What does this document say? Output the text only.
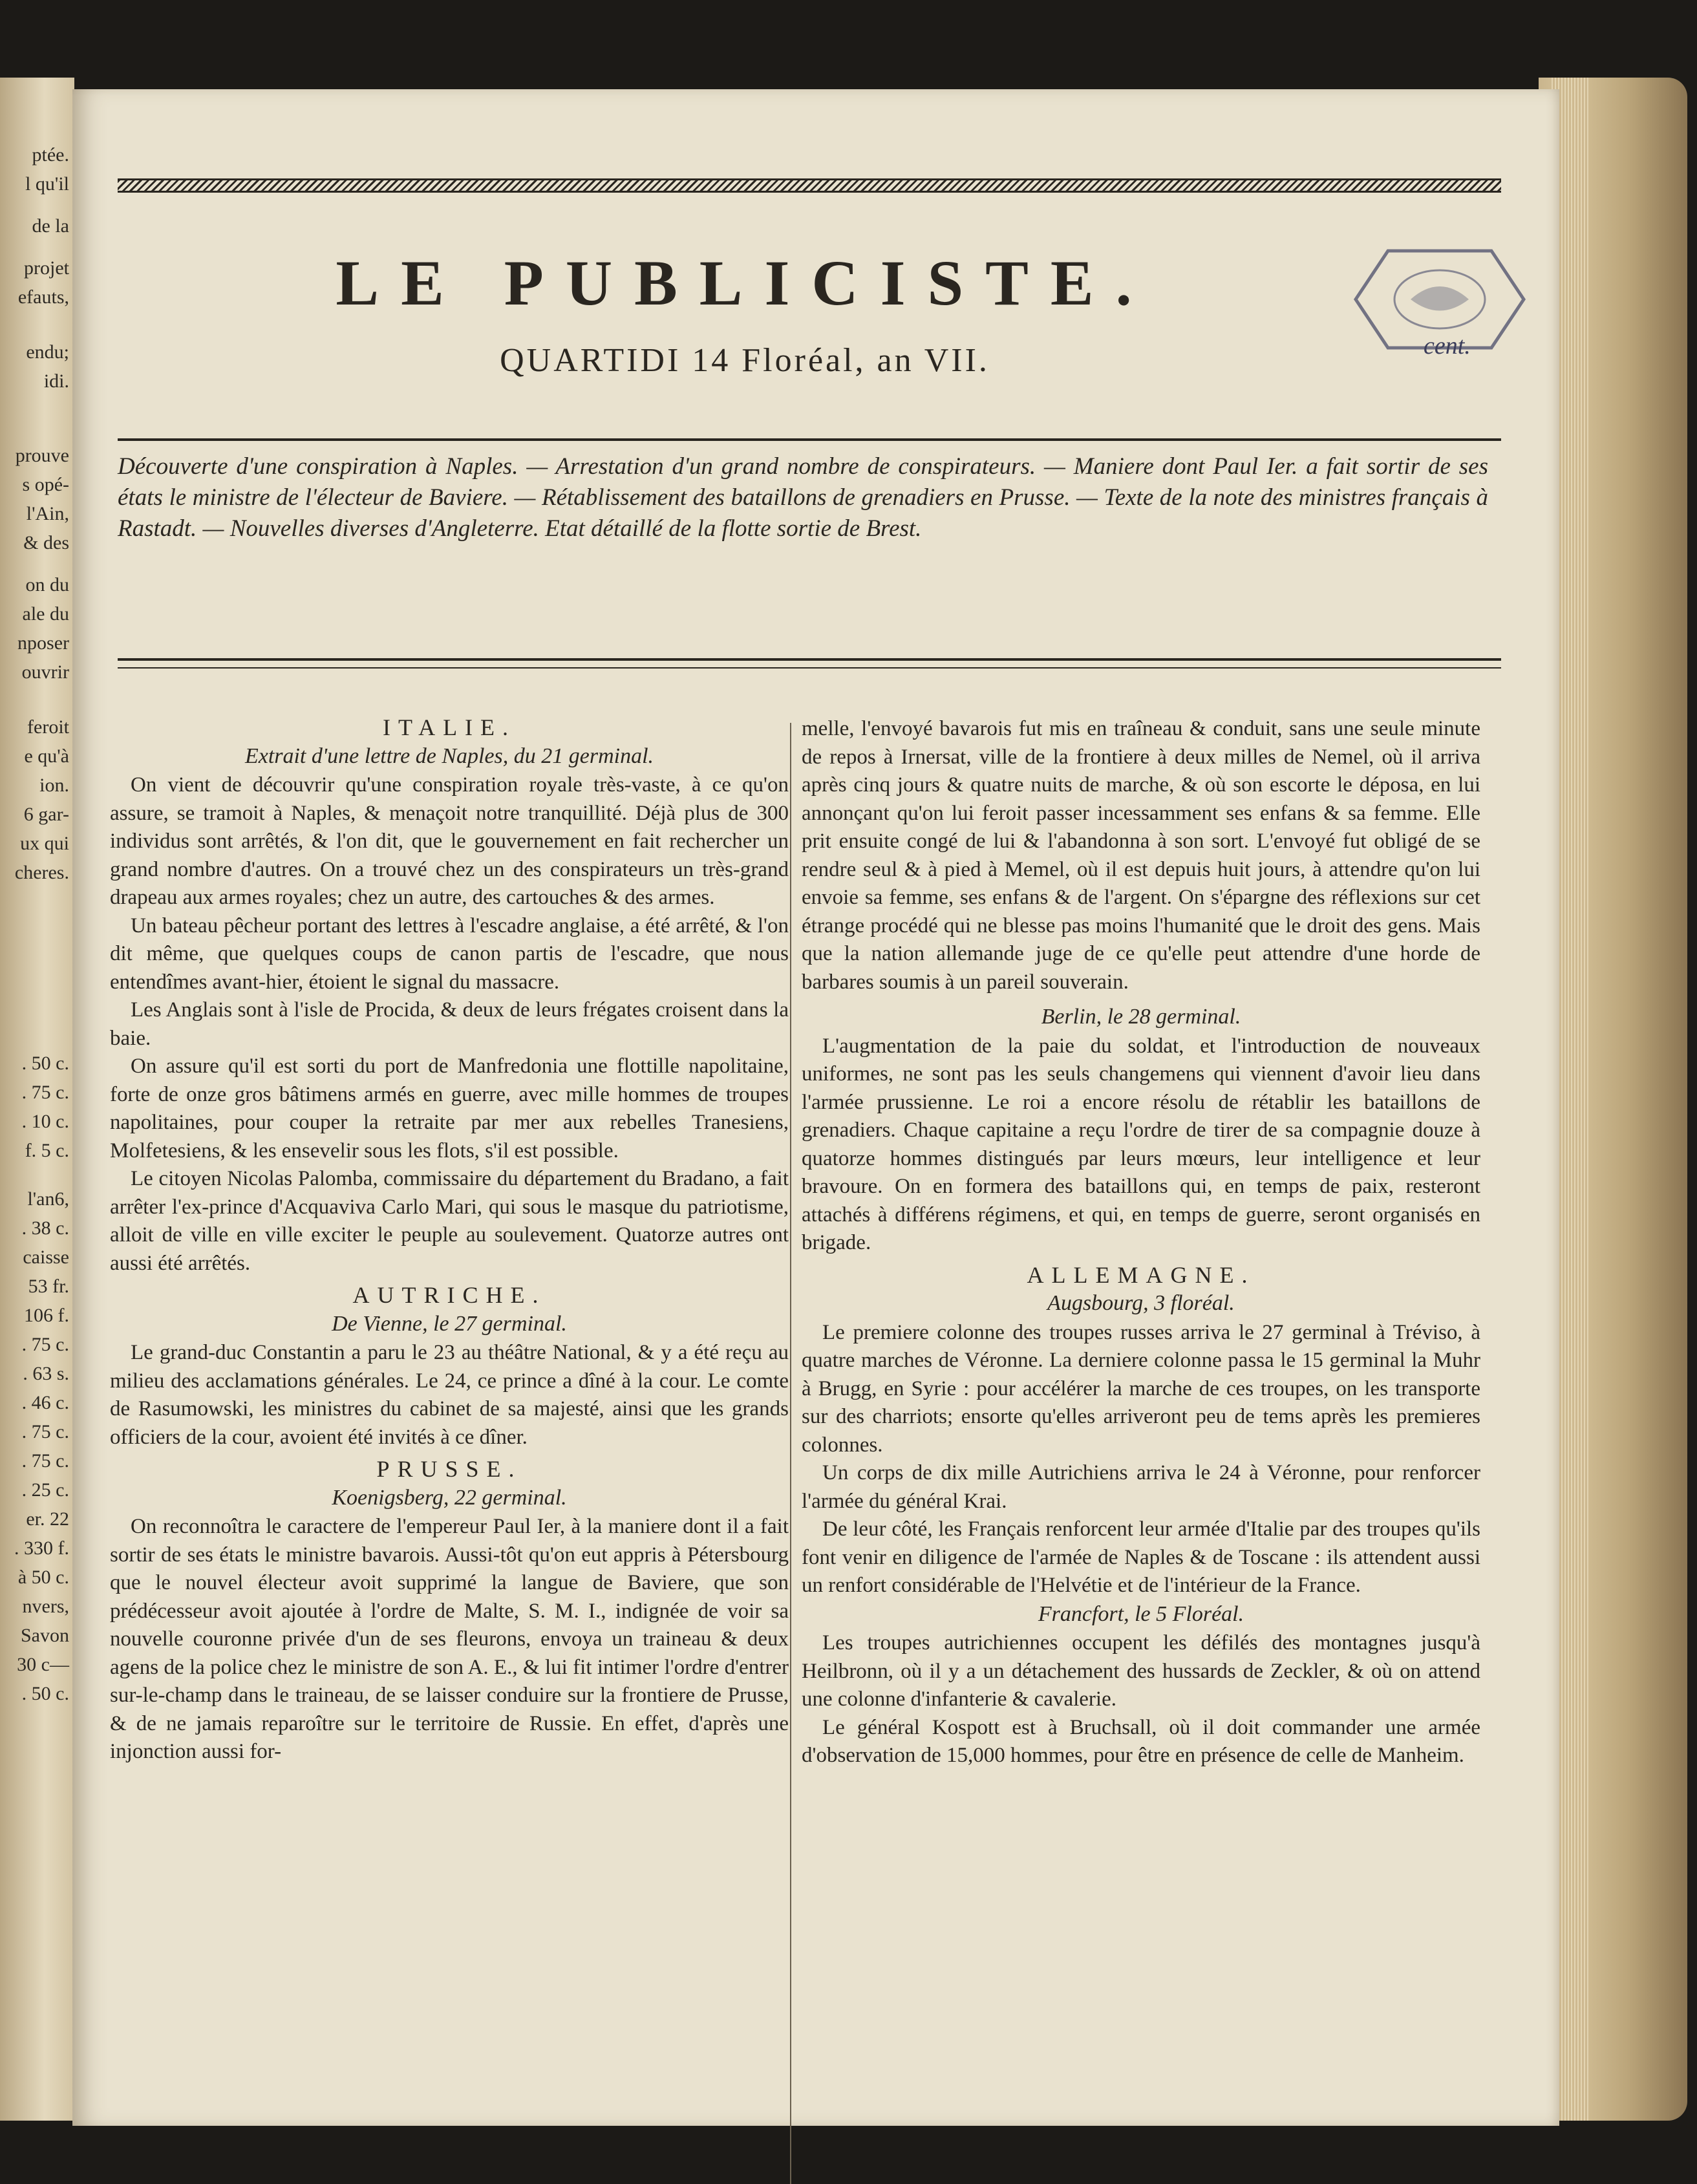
ptée.
l qu'il
de la
projet
efauts,
endu;
idi.
prouve
s opé-
l'Ain,
& des
on du
ale du
nposer
ouvrir
feroit
e qu'à
ion.
6 gar-
ux qui
cheres.
. 50 c.
. 75 c.
. 10 c.
f. 5 c.
l'an6,
. 38 c.
caisse
53 fr.
106 f.
. 75 c.
. 63 s.
. 46 c.
. 75 c.
. 75 c.
. 25 c.
er. 22
. 330 f.
à 50 c.
nvers,
Savon
30 c—
. 50 c.
LE PUBLICISTE.
QUARTIDI 14 Floréal, an VII.	cent.
Découverte d'une conspiration à Naples. — Arrestation d'un grand nombre de conspirateurs. — Maniere dont Paul Ier. a fait sortir de ses états le ministre de l'électeur de Baviere. — Rétablissement des bataillons de grenadiers en Prusse. — Texte de la note des ministres français à Rastadt. — Nouvelles diverses d'Angleterre. Etat détaillé de la flotte sortie de Brest.
ITALIE.
Extrait d'une lettre de Naples, du 21 germinal.

On vient de découvrir qu'une conspiration royale très-vaste, à ce qu'on assure, se tramoit à Naples, & menaçoit notre tranquillité. Déjà plus de 300 individus sont arrêtés, & l'on dit, que le gouvernement en fait rechercher un grand nombre d'autres. On a trouvé chez un des conspirateurs un très-grand drapeau aux armes royales; chez un autre, des cartouches & des armes.

Un bateau pêcheur portant des lettres à l'escadre anglaise, a été arrêté, & l'on dit même, que quelques coups de canon partis de l'escadre, que nous entendîmes avant-hier, étoient le signal du massacre.

Les Anglais sont à l'isle de Procida, & deux de leurs frégates croisent dans la baie.

On assure qu'il est sorti du port de Manfredonia une flottille napolitaine, forte de onze gros bâtimens armés en guerre, avec mille hommes de troupes napolitaines, pour couper la retraite par mer aux rebelles Tranesiens, Molfetesiens, & les ensevelir sous les flots, s'il est possible.

Le citoyen Nicolas Palomba, commissaire du département du Bradano, a fait arrêter l'ex-prince d'Acquaviva Carlo Mari, qui sous le masque du patriotisme, alloit de ville en ville exciter le peuple au soulevement. Quatorze autres ont aussi été arrêtés.

AUTRICHE.
De Vienne, le 27 germinal.

Le grand-duc Constantin a paru le 23 au théâtre National, & y a été reçu au milieu des acclamations générales. Le 24, ce prince a dîné à la cour. Le comte de Rasumowski, les ministres du cabinet de sa majesté, ainsi que les grands officiers de la cour, avoient été invités à ce dîner.

PRUSSE.
Koenigsberg, 22 germinal.

On reconnoîtra le caractere de l'empereur Paul Ier, à la maniere dont il a fait sortir de ses états le ministre bavarois. Aussi-tôt qu'on eut appris à Pétersbourg que le nouvel électeur avoit supprimé la langue de Baviere, que son prédécesseur avoit ajoutée à l'ordre de Malte, S. M. I., indignée de voir sa nouvelle couronne privée d'un de ses fleurons, envoya un traineau & deux agens de la police chez le ministre de son A. E., & lui fit intimer l'ordre d'entrer sur-le-champ dans le traineau, de se laisser conduire sur la frontiere de Prusse, & de ne jamais reparoître sur le territoire de Russie. En effet, d'après une injonction aussi for-

melle, l'envoyé bavarois fut mis en traîneau & conduit, sans une seule minute de repos à Irnersat, ville de la frontiere à deux milles de Nemel, où il arriva après cinq jours & quatre nuits de marche, & où son escorte le déposa, en lui annonçant qu'on lui feroit passer incessamment ses enfans & sa femme. Elle prit ensuite congé de lui & l'abandonna à son sort. L'envoyé fut obligé de se rendre seul & à pied à Memel, où il est depuis huit jours, à attendre qu'on lui envoie sa femme, ses enfans & de l'argent. On s'épargne des réflexions sur cet étrange procédé qui ne blesse pas moins l'humanité que le droit des gens. Mais que la nation allemande juge de ce qu'elle peut attendre d'une horde de barbares soumis à un pareil souverain.

Berlin, le 28 germinal.

L'augmentation de la paie du soldat, et l'introduction de nouveaux uniformes, ne sont pas les seuls changemens qui viennent d'avoir lieu dans l'armée prussienne. Le roi a encore résolu de rétablir les bataillons de grenadiers. Chaque capitaine a reçu l'ordre de tirer de sa compagnie douze à quatorze hommes distingués par leurs mœurs, leur intelligence et leur bravoure. On en formera des bataillons qui, en temps de paix, resteront attachés à différens régimens, et qui, en temps de guerre, seront organisés en brigade.

ALLEMAGNE.
Augsbourg, 3 floréal.

Le premiere colonne des troupes russes arriva le 27 germinal à Tréviso, à quatre marches de Véronne. La derniere colonne passa le 15 germinal la Muhr à Brugg, en Syrie : pour accélérer la marche de ces troupes, on les transporte sur des charriots; ensorte qu'elles arriveront peu de tems après les premieres colonnes.

Un corps de dix mille Autrichiens arriva le 24 à Véronne, pour renforcer l'armée du général Krai.

De leur côté, les Français renforcent leur armée d'Italie par des troupes qu'ils font venir en diligence de l'armée de Naples & de Toscane : ils attendent aussi un renfort considérable de l'Helvétie et de l'intérieur de la France.

Francfort, le 5 Floréal.

Les troupes autrichiennes occupent les défilés des montagnes jusqu'à Heilbronn, où il y a un détachement des hussards de Zeckler, & où on attend une colonne d'infanterie & cavalerie.

Le général Kospott est à Bruchsall, où il doit commander une armée d'observation de 15,000 hommes, pour être en présence de celle de Manheim.
